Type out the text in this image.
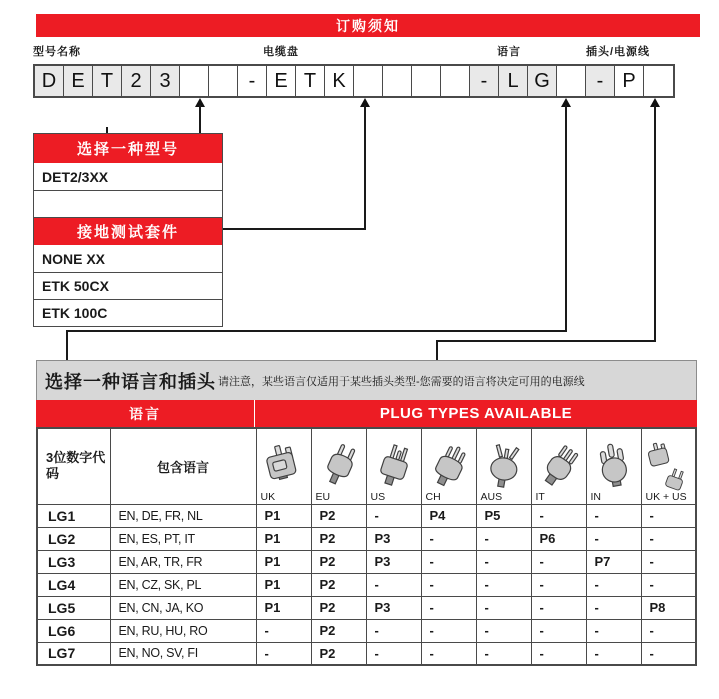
订购须知
型号名称	电缆盘	语言	插头/电源线
D E T 2 3	- E T K	-	L G	- P
选择一种型号
DET2/3XX
接地测试套件
NONE XX
ETK 50CX
ETK 100C
选择一种语言和插头 请注意，某些语言仅适用于某些插头类型-您需要的语言将决定可用的电源线
语言	PLUG TYPES AVAILABLE
3位数字代码	包含语言	UK	EU	US	CH	AUS	IT	IN	UK + US

LG1	EN, DE, FR, NL	P1	P2	-	P4	P5	-	-	-
LG2	EN, ES, PT, IT	P1	P2	P3	-	-	P6	-	-
LG3	EN, AR, TR, FR	P1	P2	P3	-	-	-	P7	-
LG4	EN, CZ, SK, PL	P1	P2	-	-	-	-	-	-
LG5	EN, CN, JA, KO	P1	P2	P3	-	-	-	-	P8
LG6	EN, RU, HU, RO	-	P2	-	-	-	-	-	-
LG7	EN, NO, SV, FI	-	P2	-	-	-	-	-	-
